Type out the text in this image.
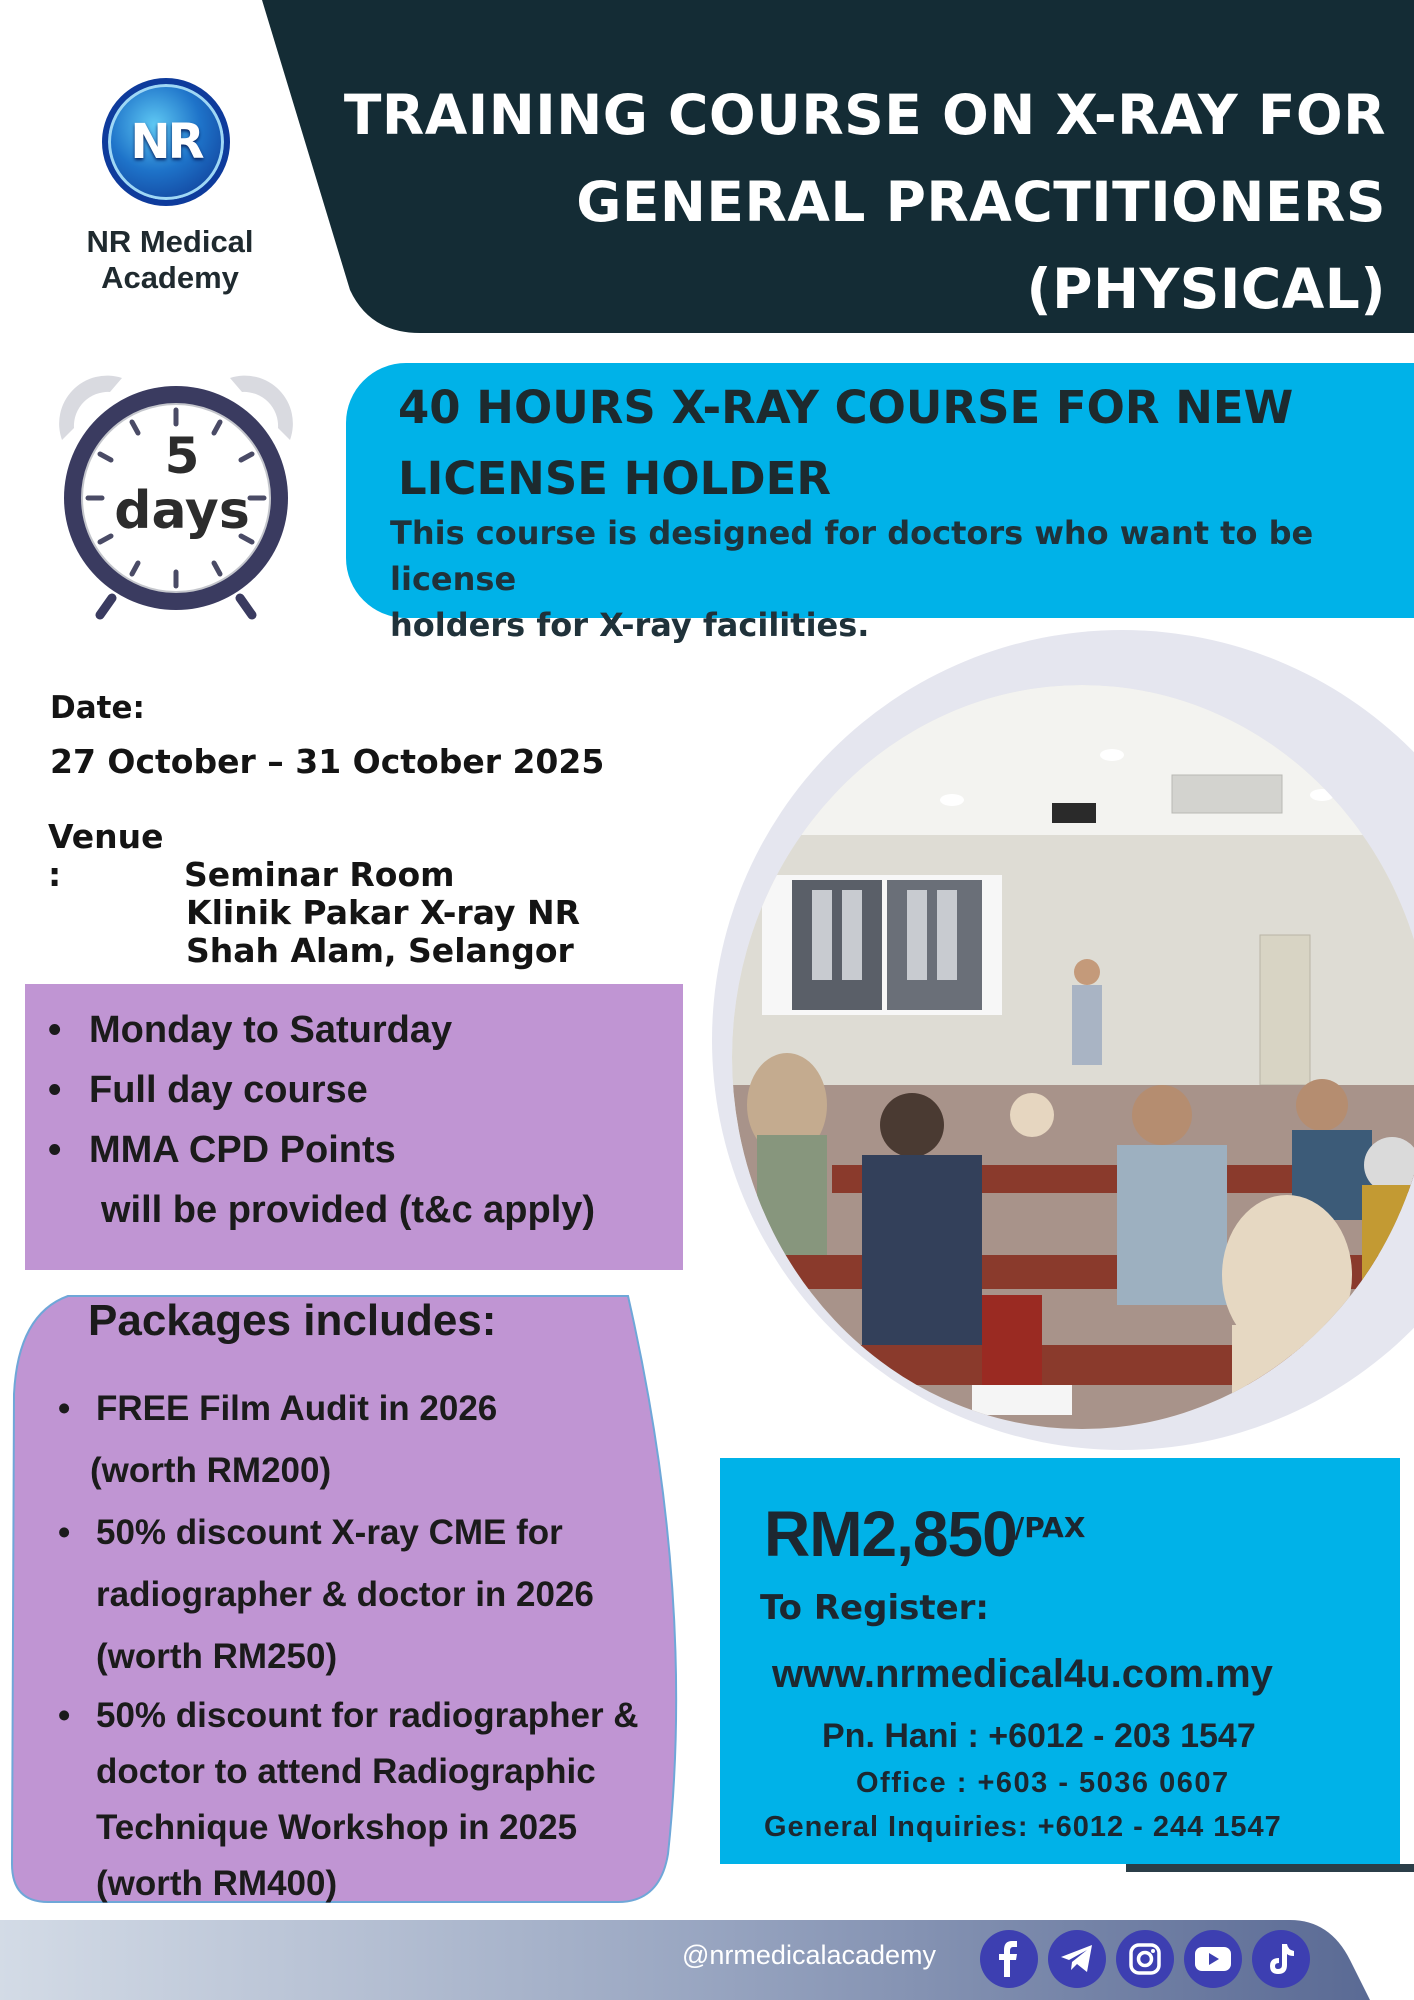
NR
NR Medical Academy
TRAINING COURSE ON X-RAY FOR
GENERAL PRACTITIONERS
(PHYSICAL)
5
days
40 HOURS X-RAY COURSE FOR NEW
LICENSE HOLDER
This course is designed for doctors who want to be license
holders for X-ray facilities.
Date:
27 October – 31 October 2025
Venue :	Seminar Room
Klinik Pakar X-ray NR
Shah Alam, Selangor
• Monday to Saturday
• Full day course
• MMA CPD Points
will be provided (t&c apply)
Packages includes:
• FREE Film Audit in 2026
(worth RM200)
• 50% discount X-ray CME for
radiographer & doctor in 2026
(worth RM250)
• 50% discount for radiographer &
doctor to attend Radiographic
Technique Workshop in 2025
(worth RM400)
RM2,850
/PAX
To Register:
www.nrmedical4u.com.my
Pn. Hani : +6012 - 203 1547
Office : +603 - 5036 0607
General Inquiries: +6012 - 244 1547
@nrmedicalacademy
